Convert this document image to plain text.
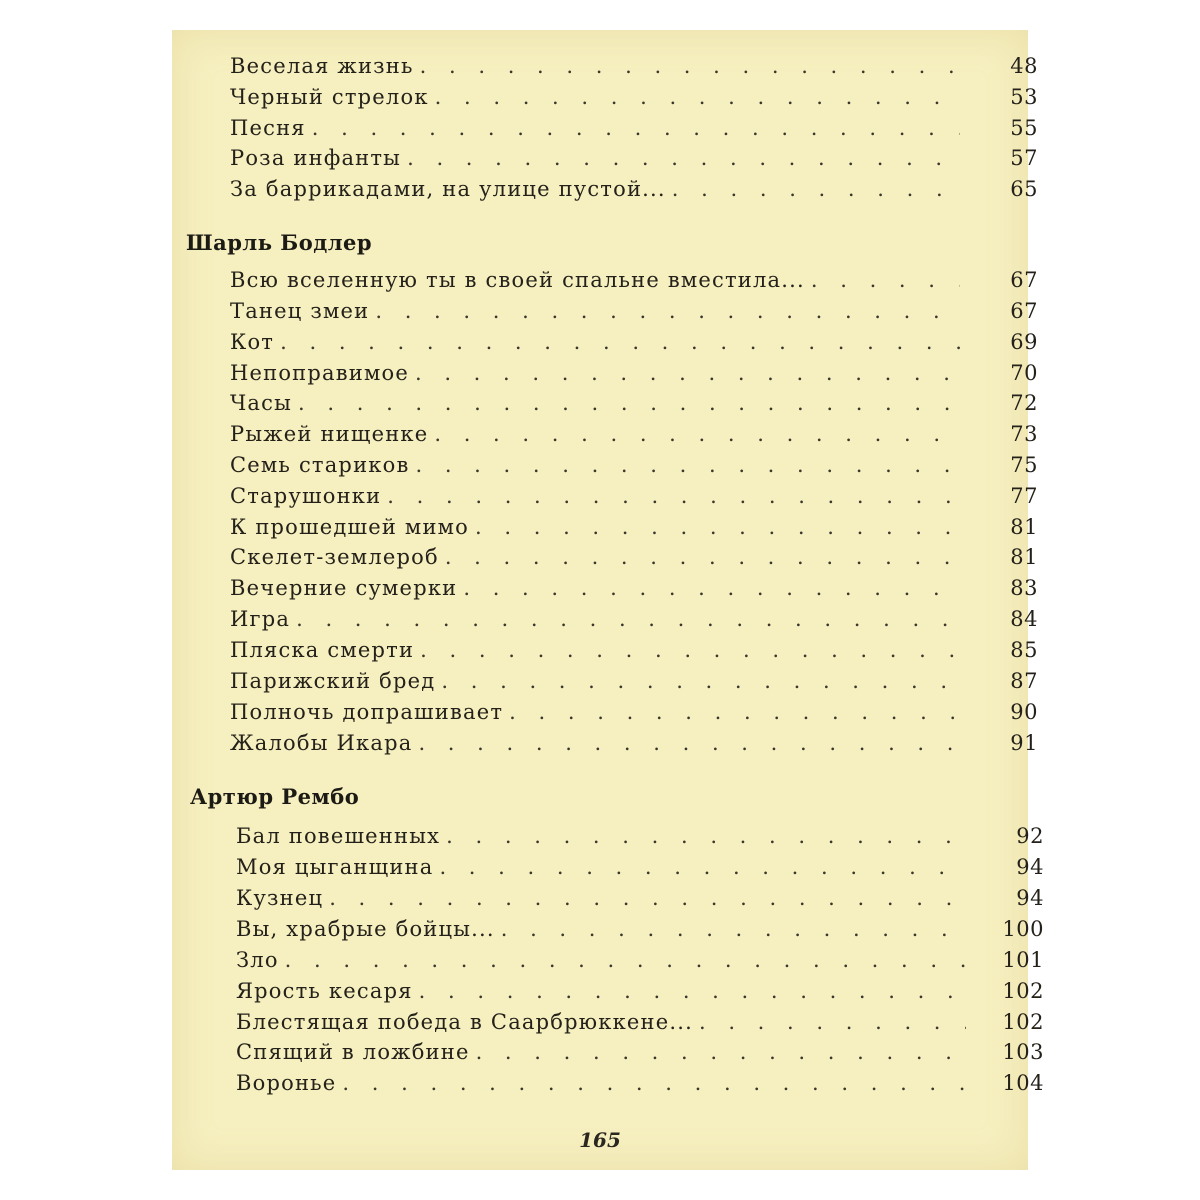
Веселая жизнь . . .	48
Черный стрелок . . .	53
Песня . . .	55
Роза инфанты . . .	57
За баррикадами, на улице пустой... . . .	65
Шарль Бодлер
Всю вселенную ты в своей спальне вместила... . . .	67
Танец змеи . . .	67
Кот . . .	69
Непоправимое . . .	70
Часы . . .	72
Рыжей нищенке . . .	73
Семь стариков . . .	75
Старушонки . . .	77
К прошедшей мимо . . .	81
Скелет-землероб . . .	81
Вечерние сумерки . . .	83
Игра . . .	84
Пляска смерти . . .	85
Парижский бред . . .	87
Полночь допрашивает . . .	90
Жалобы Икара . . .	91
Артюр Рембо
Бал повешенных . . .	92
Моя цыганщина . . .	94
Кузнец . . .	94
Вы, храбрые бойцы... . . .	100
Зло . . .	101
Ярость кесаря . . .	102
Блестящая победа в Саарбрюккене... . . .	102
Спящий в ложбине . . .	103
Воронье . . .	104
165
